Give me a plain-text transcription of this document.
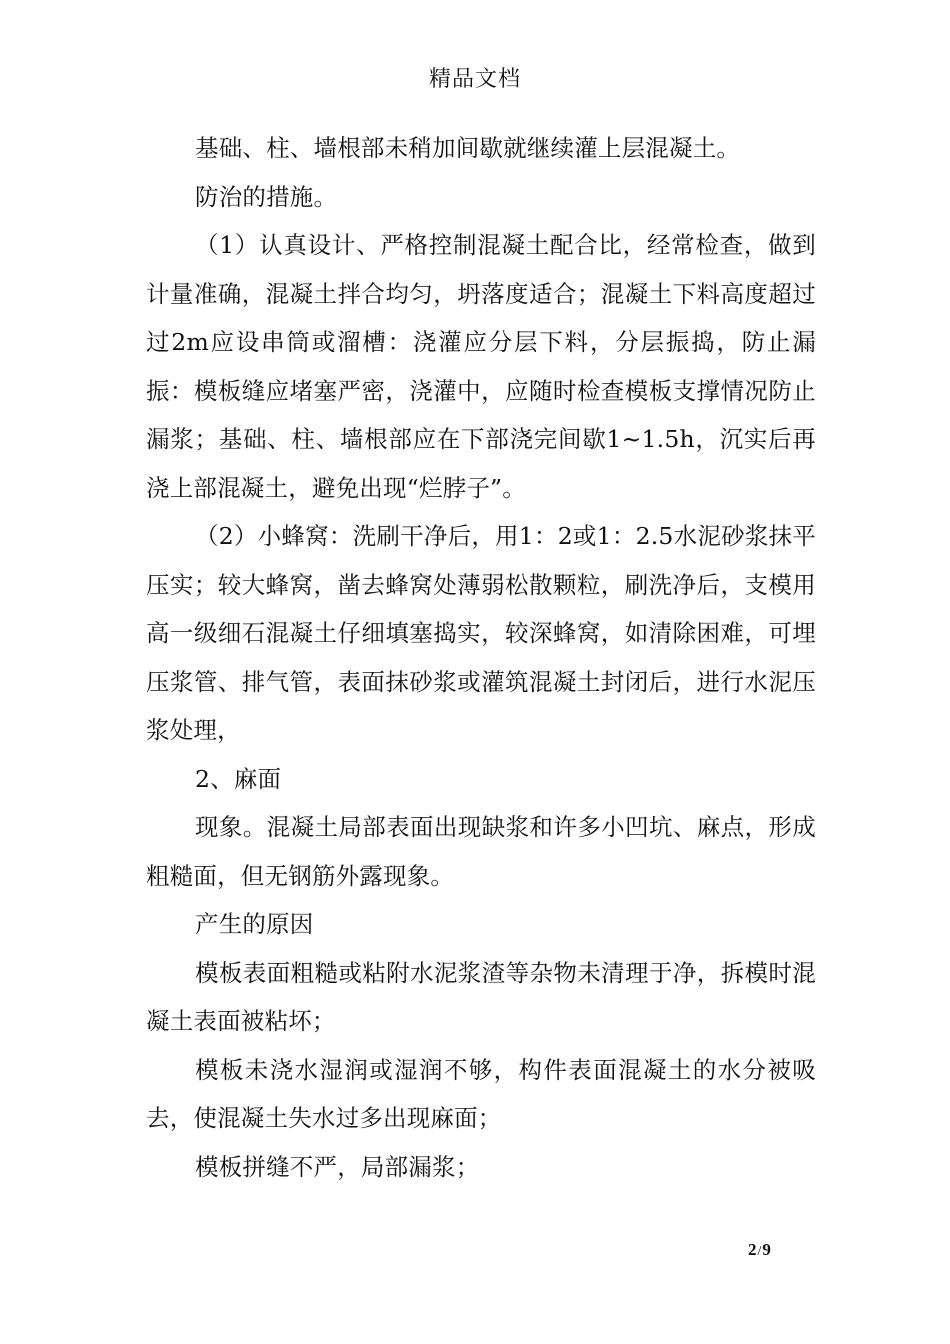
精品文档

基础、柱、墙根部未稍加间歇就继续灌上层混凝土。

防治的措施。

（1）认真设计、严格控制混凝土配合比，经常检查，做到计量准确，混凝土拌合均匀，坍落度适合；混凝土下料高度超过过2m应设串筒或溜槽：浇灌应分层下料，分层振捣，防止漏振：模板缝应堵塞严密，浇灌中，应随时检查模板支撑情况防止漏浆；基础、柱、墙根部应在下部浇完间歇1~1.5h，沉实后再浇上部混凝土，避免出现“烂脖子”。

（2）小蜂窝：洗刷干净后，用1：2或1：2.5水泥砂浆抹平压实；较大蜂窝，凿去蜂窝处薄弱松散颗粒，刷洗净后，支模用高一级细石混凝土仔细填塞捣实，较深蜂窝，如清除困难，可埋压浆管、排气管，表面抹砂浆或灌筑混凝土封闭后，进行水泥压浆处理，

2、麻面

现象。混凝土局部表面出现缺浆和许多小凹坑、麻点，形成粗糙面，但无钢筋外露现象。

产生的原因

模板表面粗糙或粘附水泥浆渣等杂物未清理于净，拆模时混凝土表面被粘坏；

模板未浇水湿润或湿润不够，构件表面混凝土的水分被吸去，使混凝土失水过多出现麻面；

模板拼缝不严，局部漏浆；

2/9
